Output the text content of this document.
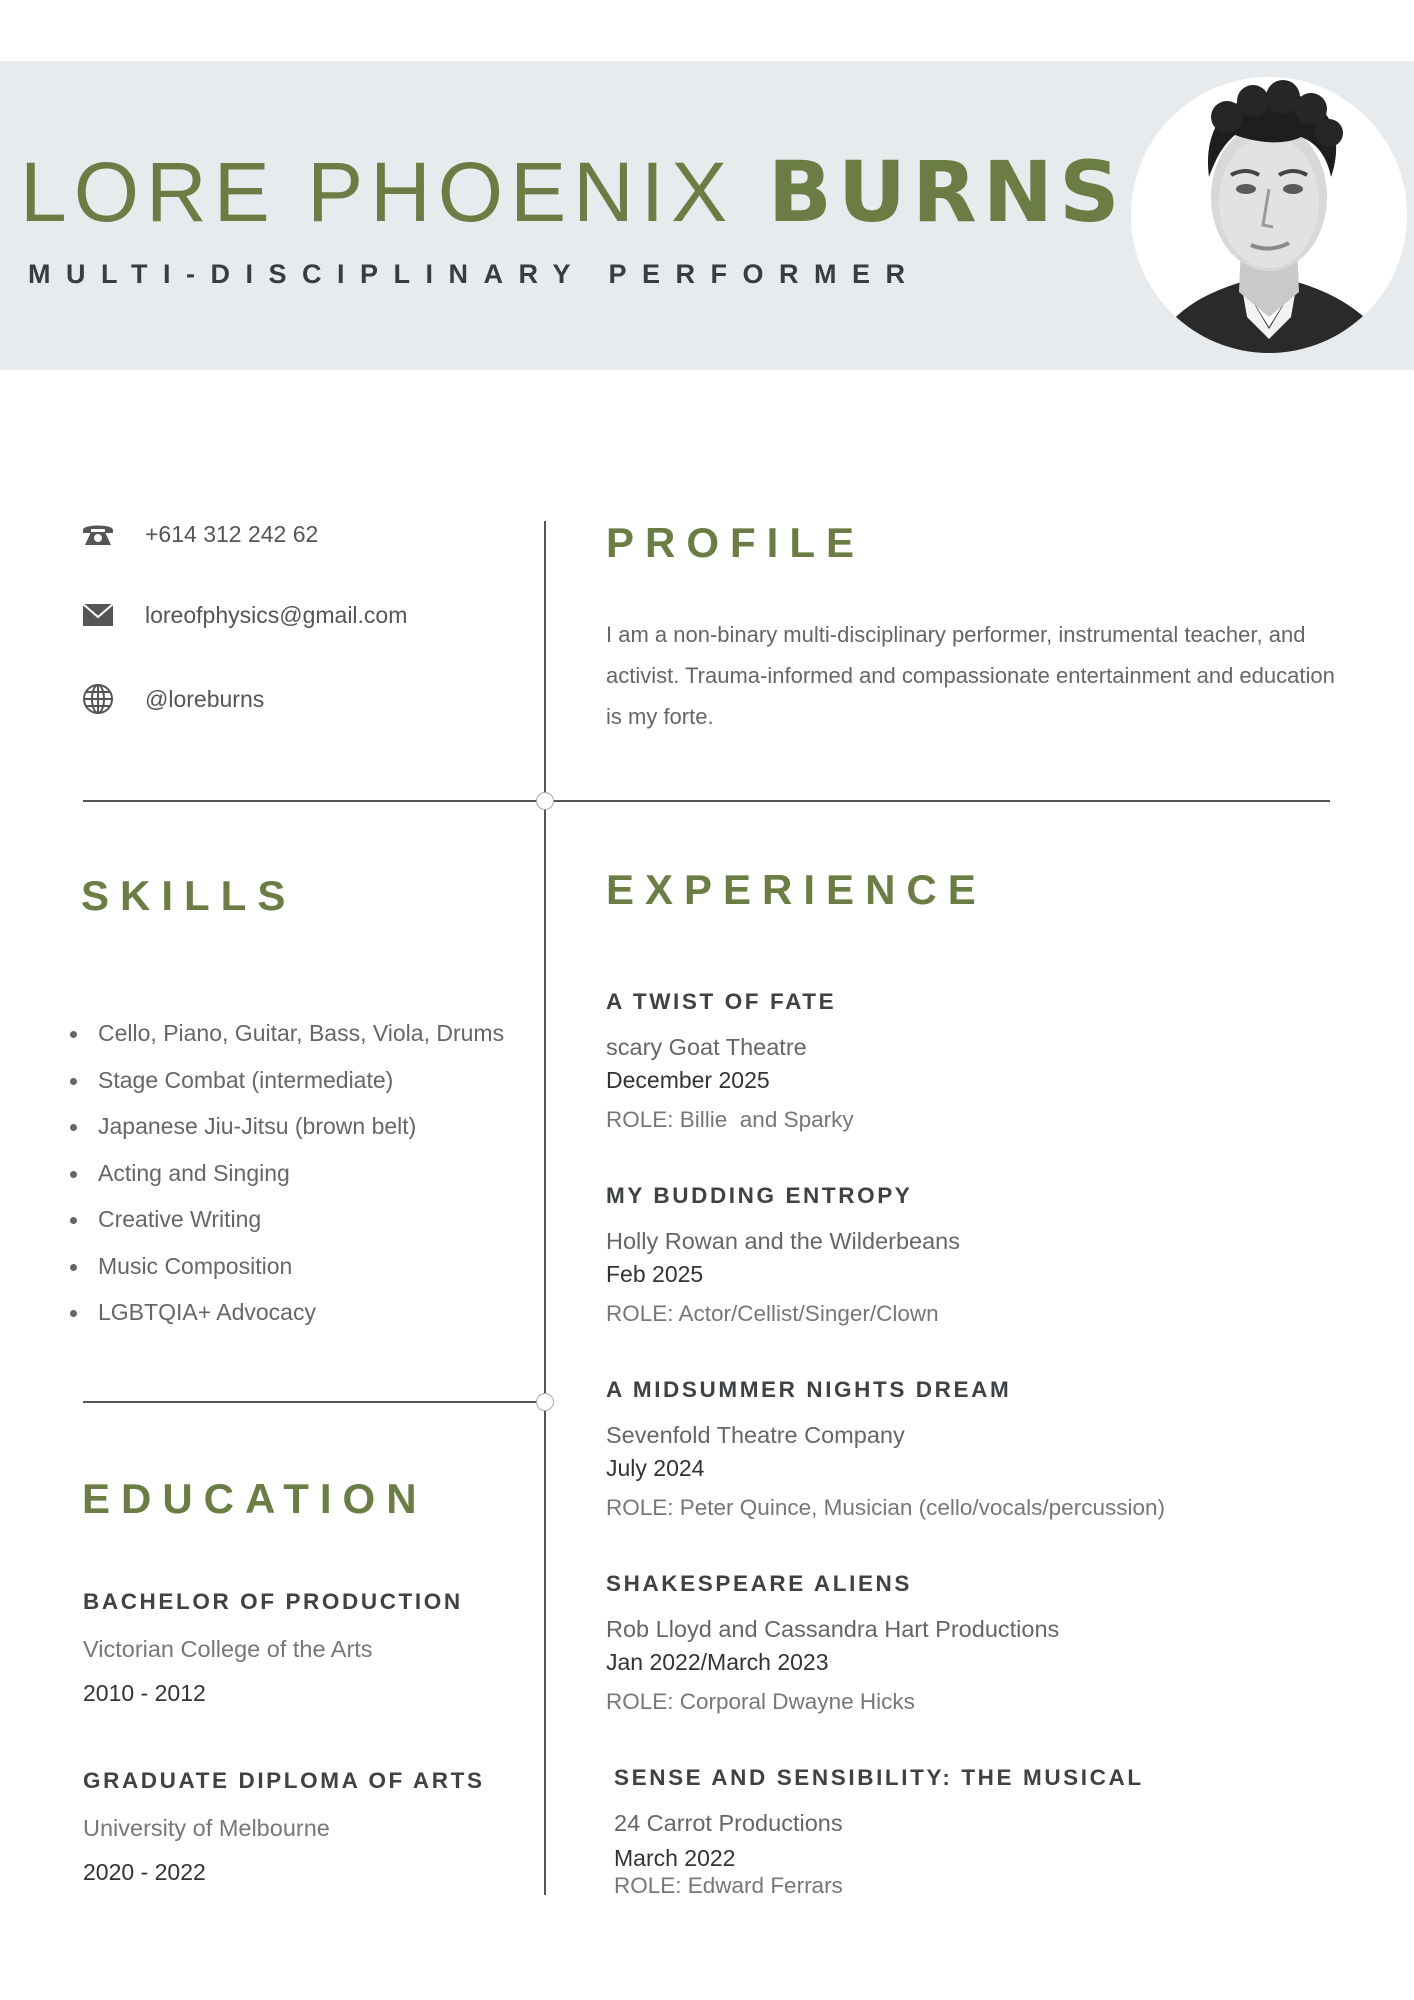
LORE PHOENIX BURNS

MULTI-DISCIPLINARY PERFORMER

+614 312 242 62
loreofphysics@gmail.com
@loreburns
PROFILE

I am a non-binary multi-disciplinary performer, instrumental teacher, and activist. Trauma-informed and compassionate entertainment and education is my forte.

SKILLS
Cello, Piano, Guitar, Bass, Viola, Drums
Stage Combat (intermediate)
Japanese Jiu-Jitsu (brown belt)
Acting and Singing
Creative Writing
Music Composition
LGBTQIA+ Advocacy
EDUCATION

BACHELOR OF PRODUCTION

Victorian College of the Arts

2010 - 2012

GRADUATE DIPLOMA OF ARTS

University of Melbourne

2020 - 2022

EXPERIENCE

A TWIST OF FATE

scary Goat Theatre

December 2025

ROLE: Billie  and Sparky

MY BUDDING ENTROPY

Holly Rowan and the Wilderbeans

Feb 2025

ROLE: Actor/Cellist/Singer/Clown

A MIDSUMMER NIGHTS DREAM

Sevenfold Theatre Company

July 2024

ROLE: Peter Quince, Musician (cello/vocals/percussion)

SHAKESPEARE ALIENS

Rob Lloyd and Cassandra Hart Productions

Jan 2022/March 2023

ROLE: Corporal Dwayne Hicks

SENSE AND SENSIBILITY: THE MUSICAL

24 Carrot Productions

March 2022

ROLE: Edward Ferrars
